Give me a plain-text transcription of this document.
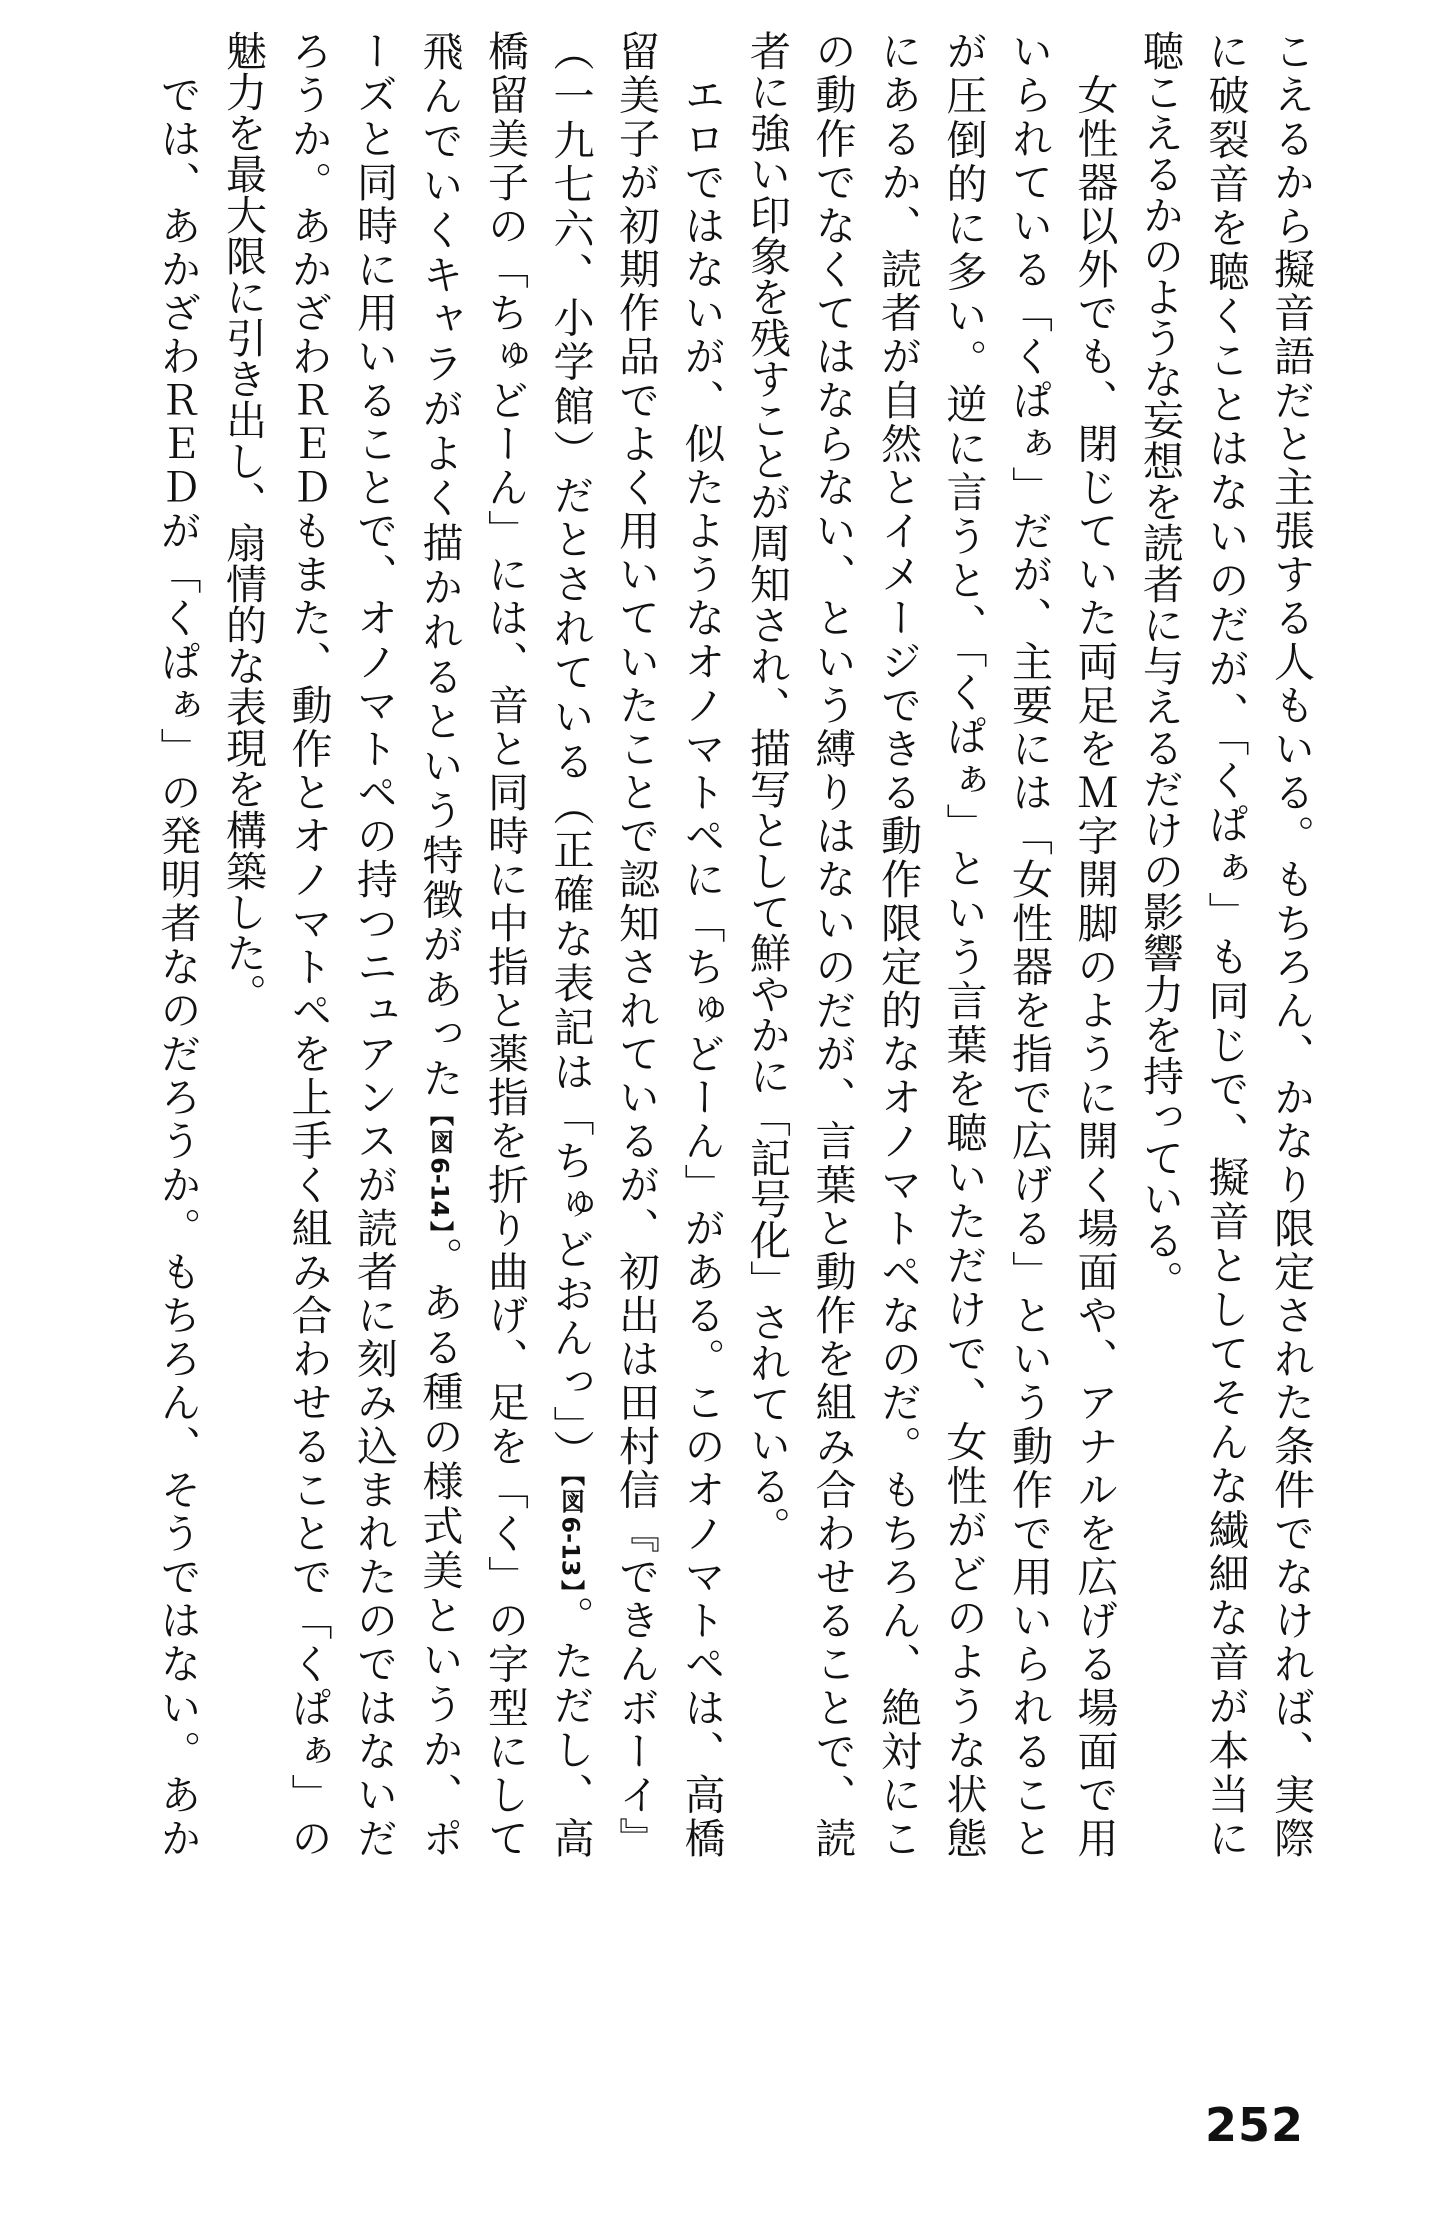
こえるから擬音語だと主張する人もいる。もちろん、かなり限定された条件でなければ、実際
に破裂音を聴くことはないのだが、「くぱぁ」も同じで、擬音としてそんな繊細な音が本当に
聴こえるかのような妄想を読者に与えるだけの影響力を持っている。
　女性器以外でも、閉じていた両足をＭ字開脚のように開く場面や、アナルを広げる場面で用
いられている「くぱぁ」だが、主要には「女性器を指で広げる」という動作で用いられること
が圧倒的に多い。逆に言うと、「くぱぁ」という言葉を聴いただけで、女性がどのような状態
にあるか、読者が自然とイメージできる動作限定的なオノマトペなのだ。もちろん、絶対にこ
の動作でなくてはならない、という縛りはないのだが、言葉と動作を組み合わせることで、読
者に強い印象を残すことが周知され、描写として鮮やかに「記号化」されている。
　エロではないが、似たようなオノマトペに「ちゅどーん」がある。このオノマトペは、高橋
留美子が初期作品でよく用いていたことで認知されているが、初出は田村信『できんボーイ』
（一九七六、小学館）だとされている（正確な表記は「ちゅどおんっ」）【図6-13】。ただし、高
橋留美子の「ちゅどーん」には、音と同時に中指と薬指を折り曲げ、足を「く」の字型にして
飛んでいくキャラがよく描かれるという特徴があった【図6-14】。ある種の様式美というか、ポ
ーズと同時に用いることで、オノマトペの持つニュアンスが読者に刻み込まれたのではないだ
ろうか。あかざわＲＥＤもまた、動作とオノマトペを上手く組み合わせることで「くぱぁ」の
魅力を最大限に引き出し、扇情的な表現を構築した。
　では、あかざわＲＥＤが「くぱぁ」の発明者なのだろうか。もちろん、そうではない。あか
252
